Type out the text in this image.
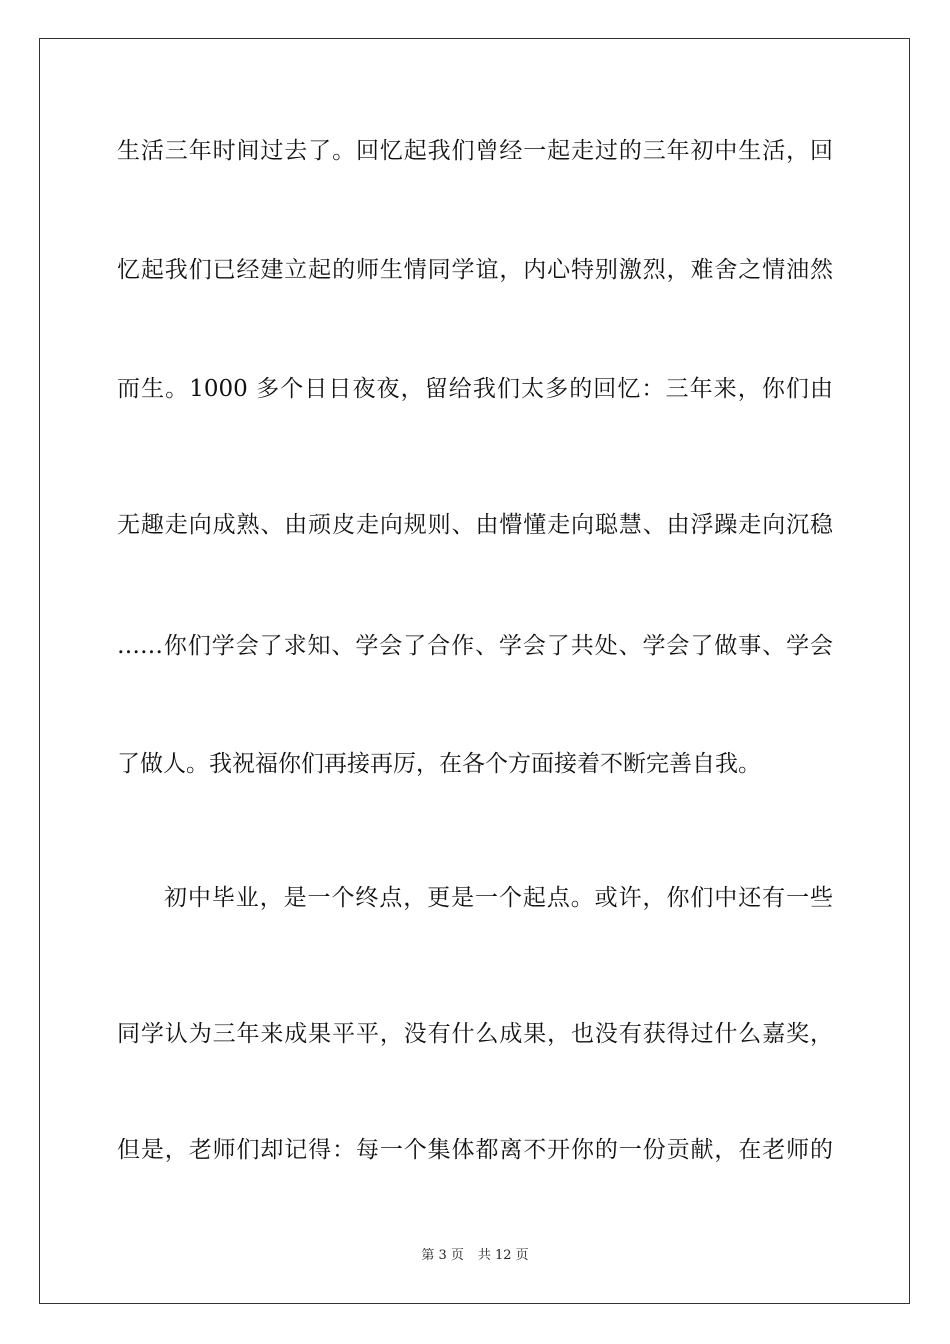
生活三年时间过去了。回忆起我们曾经一起走过的三年初中生活，回
忆起我们已经建立起的师生情同学谊，内心特别激烈，难舍之情油然
而生。1000 多个日日夜夜，留给我们太多的回忆：三年来，你们由
无趣走向成熟、由顽皮走向规则、由懵懂走向聪慧、由浮躁走向沉稳
……你们学会了求知、学会了合作、学会了共处、学会了做事、学会
了做人。我祝福你们再接再厉，在各个方面接着不断完善自我。
初中毕业，是一个终点，更是一个起点。或许，你们中还有一些
同学认为三年来成果平平，没有什么成果，也没有获得过什么嘉奖，
但是，老师们却记得：每一个集体都离不开你的一份贡献，在老师的
第 3 页 共 12 页
